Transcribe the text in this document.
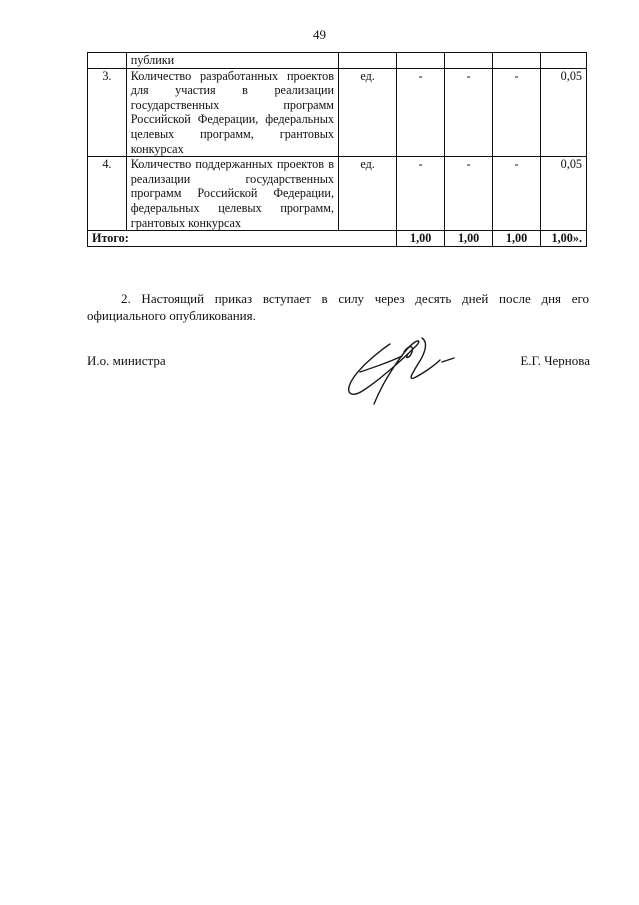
49
	публики					
3.	Количество разработанных проектов для участия в реализации государственных программ Российской Федерации, федеральных целевых программ, грантовых конкурсах	ед.	-	-	-	0,05
4.	Количество поддержанных проектов в реализации государственных программ Российской Федерации, федеральных целевых программ, грантовых конкурсах	ед.	-	-	-	0,05
Итого:			1,00	1,00	1,00	1,00».
2. Настоящий приказ вступает в силу через десять дней после дня его официального опубликования.
И.о. министра	Е.Г. Чернова
